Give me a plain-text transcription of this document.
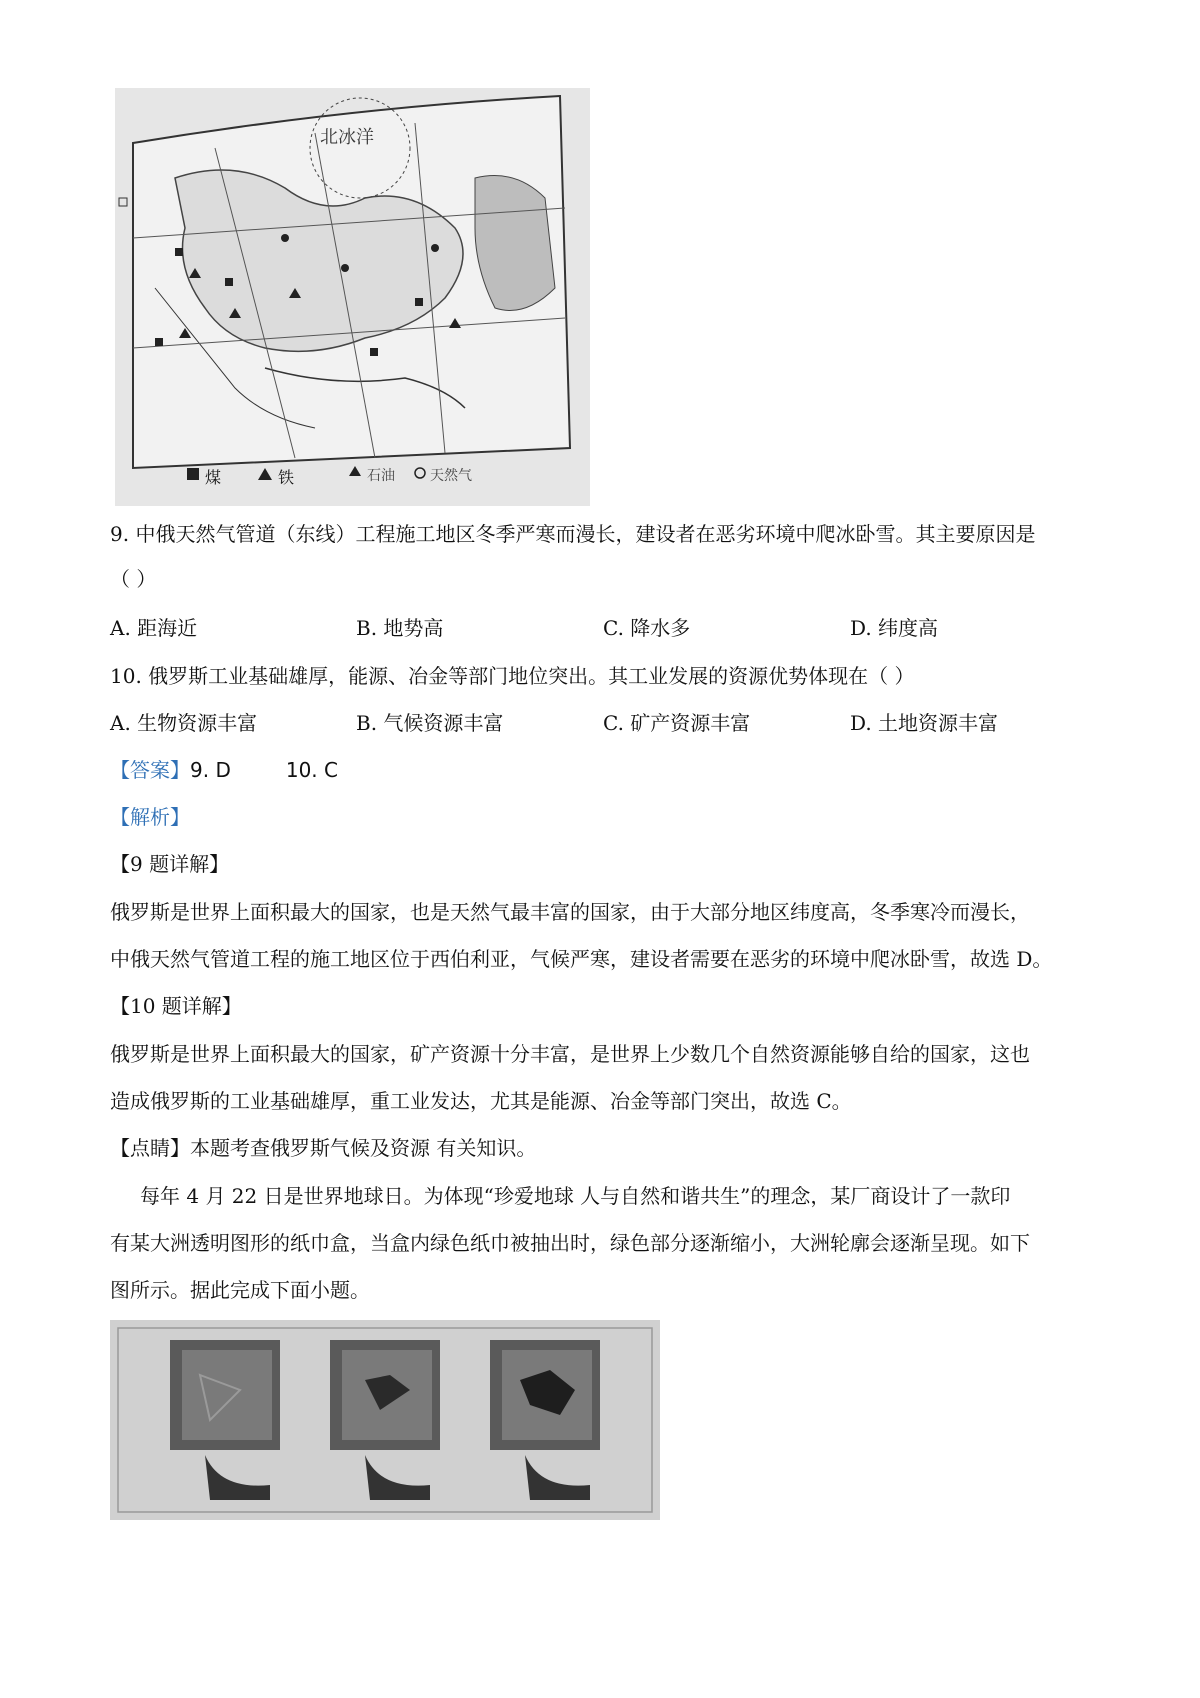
北冰洋
煤	铁	石油	天然气
9. 中俄天然气管道（东线）工程施工地区冬季严寒而漫长，建设者在恶劣环境中爬冰卧雪。其主要原因是
（ ）
A. 距海近	B. 地势高	C. 降水多	D. 纬度高
10. 俄罗斯工业基础雄厚，能源、冶金等部门地位突出。其工业发展的资源优势体现在（ ）
A. 生物资源丰富	B. 气候资源丰富	C. 矿产资源丰富	D. 土地资源丰富
【答案】9. D	10. C
【解析】
【9 题详解】
俄罗斯是世界上面积最大的国家，也是天然气最丰富的国家，由于大部分地区纬度高，冬季寒冷而漫长，
中俄天然气管道工程的施工地区位于西伯利亚，气候严寒，建设者需要在恶劣的环境中爬冰卧雪，故选 D。
【10 题详解】
俄罗斯是世界上面积最大的国家，矿产资源十分丰富，是世界上少数几个自然资源能够自给的国家，这也
造成俄罗斯的工业基础雄厚，重工业发达，尤其是能源、冶金等部门突出，故选 C。
【点睛】本题考查俄罗斯气候及资源 有关知识。
每年 4 月 22 日是世界地球日。为体现“珍爱地球 人与自然和谐共生”的理念，某厂商设计了一款印
有某大洲透明图形的纸巾盒，当盒内绿色纸巾被抽出时，绿色部分逐渐缩小，大洲轮廓会逐渐呈现。如下
图所示。据此完成下面小题。
